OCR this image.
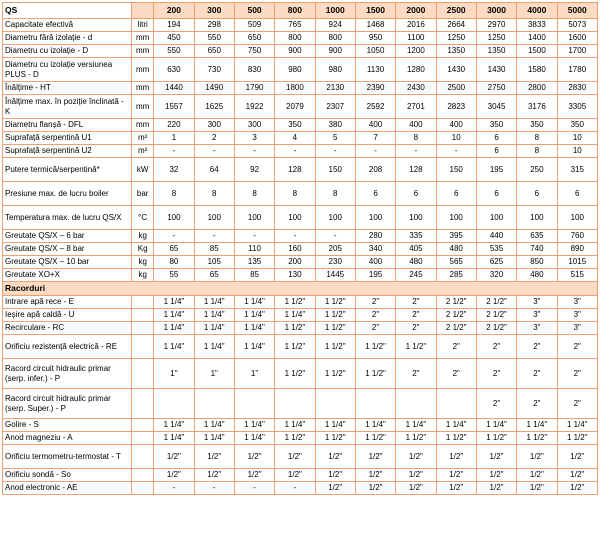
QS		200	300	500	800	1000	1500	2000	2500	3000	4000	5000
Capacitate efectivă	litri	194	298	509	765	924	1468	2016	2664	2970	3833	5073
Diametru fără izolație - d	mm	450	550	650	800	800	950	1100	1250	1250	1400	1600
Diametru cu izolație - D	mm	550	650	750	900	900	1050	1200	1350	1350	1500	1700
Diametru cu izolație versiunea PLUS - D	mm	630	730	830	980	980	1130	1280	1430	1430	1580	1780
Înălțime - HT	mm	1440	1490	1790	1800	2130	2390	2430	2500	2750	2800	2830
Înălțime max. în poziție înclinată - K	mm	1557	1625	1922	2079	2307	2592	2701	2823	3045	3176	3305
Diametru flanșă - DFL	mm	220	300	300	350	380	400	400	400	350	350	350
Suprafață serpentină U1	m²	1	2	3	4	5	7	8	10	6	8	10
Suprafață serpentină U2	m²	-	-	-	-	-	-	-	-	6	8	10
Putere termică/serpentină*	kW	32	64	92	128	150	208	128	150	195	250	315
Presiune max. de lucru boiler	bar	8	8	8	8	8	6	6	6	6	6	6
Temperatura max. de lucru QS/X	°C	100	100	100	100	100	100	100	100	100	100	100
Greutate QS/X – 6 bar	kg	-	-	-	-	-	280	335	395	440	635	760
Greutate QS/X – 8 bar	Kg	65	85	110	160	205	340	405	480	535	740	890
Greutate QS/X – 10 bar	kg	80	105	135	200	230	400	480	565	625	850	1015
Greutate XO+X	kg	55	65	85	130	1445	195	245	285	320	480	515
Racorduri												
Intrare apă rece - E		1 1/4"	1 1/4"	1 1/4"	1 1/2"	1 1/2"	2"	2"	2 1/2"	2 1/2"	3"	3"
Ieșire apă caldă - U		1 1/4"	1 1/4"	1 1/4"	1 1/4"	1 1/2"	2"	2"	2 1/2"	2 1/2"	3"	3"
Recirculare - RC		1 1/4"	1 1/4"	1 1/4"	1 1/2"	1 1/2"	2"	2"	2 1/2"	2 1/2"	3"	3"
Orificiu rezistență electrică - RE		1 1/4"	1 1/4"	1 1/4"	1 1/2"	1 1/2"	1 1/2"	1 1/2"	2"	2"	2"	2"
Racord circuit hidraulic primar (serp. infer.) - P		1"	1"	1"	1 1/2"	1 1/2"	1 1/2"	2"	2"	2"	2"	2"
Racord circuit hidraulic primar (serp. Super.) - P										2"	2"	2"
Golire - S		1 1/4"	1 1/4"	1 1/4"	1 1/4"	1 1/4"	1 1/4"	1 1/4"	1 1/4"	1 1/4"	1 1/4"	1 1/4"
Anod magneziu - A		1 1/4"	1 1/4"	1 1/4"	1 1/2"	1 1/2"	1 1/2"	1 1/2"	1 1/2"	1 1/2"	1 1/2"	1 1/2"
Orificiu termometru-termostat - T		1/2"	1/2"	1/2"	1/2"	1/2"	1/2"	1/2"	1/2"	1/2"	1/2"	1/2"
Orificiu sondă - So		1/2"	1/2"	1/2"	1/2"	1/2"	1/2"	1/2"	1/2"	1/2"	1/2"	1/2"
Anod electronic - AE		-	-	-	-	1/2"	1/2"	1/2"	1/2"	1/2"	1/2"	1/2"
